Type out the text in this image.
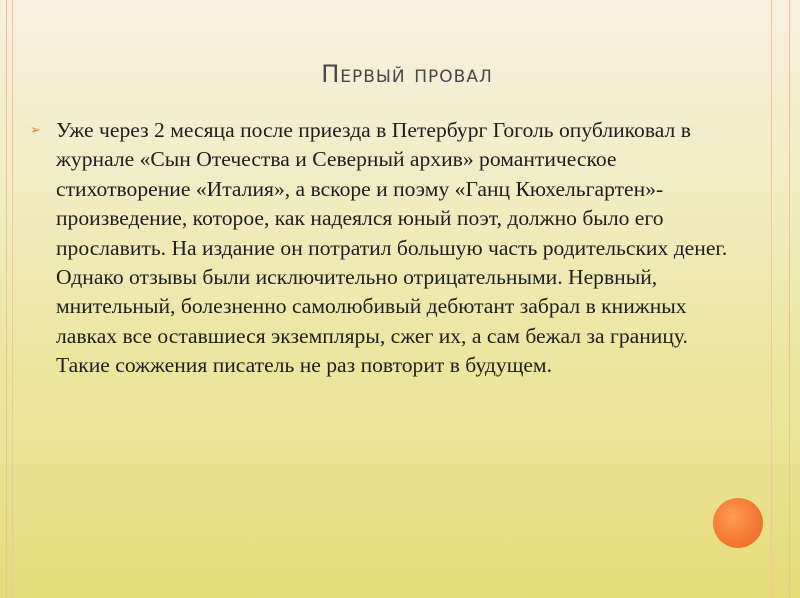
Первый провал
➢ Уже через 2 месяца после приезда в Петербург Гоголь опубликовал в журнале «Сын Отечества и Северный архив» романтическое стихотворение «Италия», а вскоре и поэму «Ганц Кюхельгартен»- произведение, которое, как надеялся юный поэт, должно было его прославить. На издание он потратил большую часть родительских денег. Однако отзывы были исключительно отрицательными. Нервный, мнительный, болезненно самолюбивый дебютант забрал в книжных лавках все оставшиеся экземпляры, сжег их, а сам бежал за границу. Такие сожжения писатель не раз повторит в будущем.
